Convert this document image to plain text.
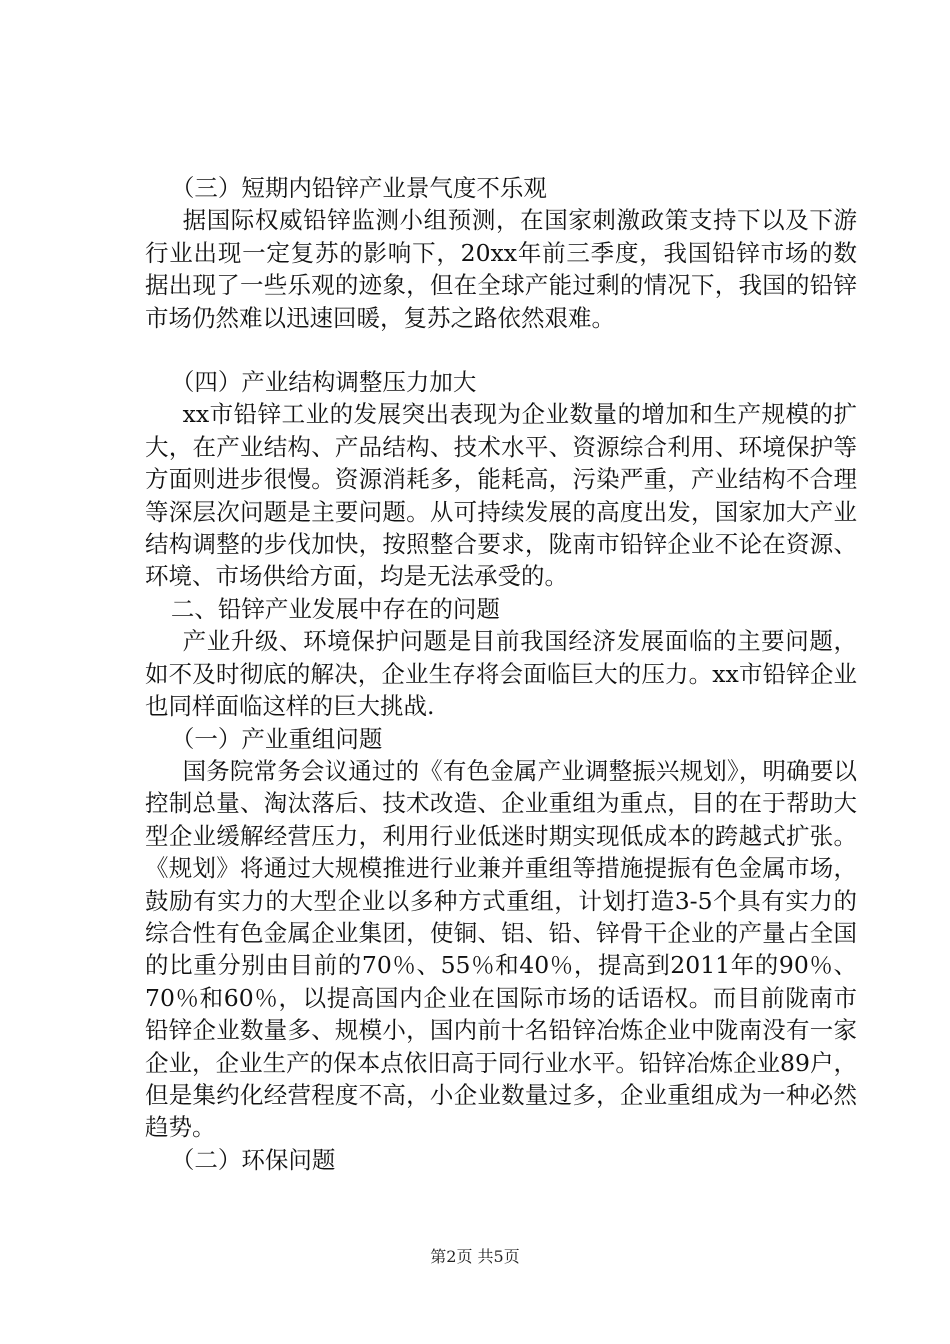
（三）短期内铅锌产业景气度不乐观

据国际权威铅锌监测小组预测，在国家刺激政策支持下以及下游行业出现一定复苏的影响下，20xx年前三季度，我国铅锌市场的数据出现了一些乐观的迹象，但在全球产能过剩的情况下，我国的铅锌市场仍然难以迅速回暖，复苏之路依然艰难。

（四）产业结构调整压力加大

xx市铅锌工业的发展突出表现为企业数量的增加和生产规模的扩大，在产业结构、产品结构、技术水平、资源综合利用、环境保护等方面则进步很慢。资源消耗多，能耗高，污染严重，产业结构不合理等深层次问题是主要问题。从可持续发展的高度出发，国家加大产业结构调整的步伐加快，按照整合要求，陇南市铅锌企业不论在资源、环境、市场供给方面，均是无法承受的。

二、铅锌产业发展中存在的问题

产业升级、环境保护问题是目前我国经济发展面临的主要问题，如不及时彻底的解决，企业生存将会面临巨大的压力。xx市铅锌企业也同样面临这样的巨大挑战.

（一）产业重组问题

国务院常务会议通过的《有色金属产业调整振兴规划》，明确要以控制总量、淘汰落后、技术改造、企业重组为重点，目的在于帮助大型企业缓解经营压力，利用行业低迷时期实现低成本的跨越式扩张。《规划》将通过大规模推进行业兼并重组等措施提振有色金属市场，鼓励有实力的大型企业以多种方式重组，计划打造3-5个具有实力的综合性有色金属企业集团，使铜、铝、铅、锌骨干企业的产量占全国的比重分别由目前的70％、55％和40％，提高到2011年的90％、70％和60％，以提高国内企业在国际市场的话语权。而目前陇南市铅锌企业数量多、规模小，国内前十名铅锌冶炼企业中陇南没有一家企业，企业生产的保本点依旧高于同行业水平。铅锌冶炼企业89户，但是集约化经营程度不高，小企业数量过多，企业重组成为一种必然趋势。

（二）环保问题

第2页 共5页
